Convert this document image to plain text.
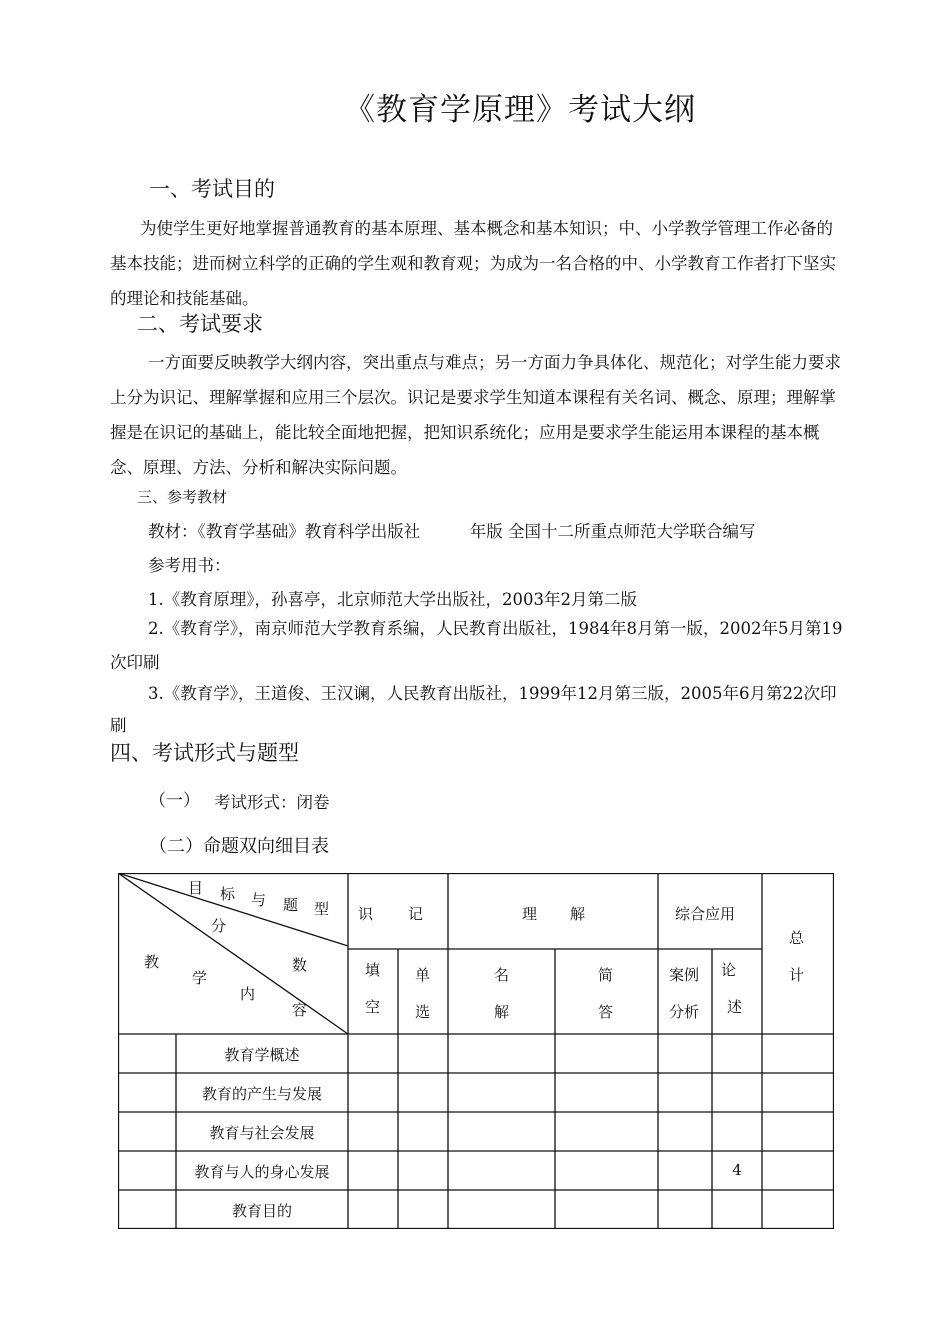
《教育学原理》考试大纲
一、考试目的
为使学生更好地掌握普通教育的基本原理、基本概念和基本知识；中、小学教学管理工作必备的基本技能；进而树立科学的正确的学生观和教育观；为成为一名合格的中、小学教育工作者打下坚实的理论和技能基础。
二、考试要求
一方面要反映教学大纲内容，突出重点与难点；另一方面力争具体化、规范化；对学生能力要求上分为识记、理解掌握和应用三个层次。识记是要求学生知道本课程有关名词、概念、原理；理解掌握是在识记的基础上，能比较全面地把握，把知识系统化；应用是要求学生能运用本课程的基本概念、原理、方法、分析和解决实际问题。
三、参考教材
教材：《教育学基础》教育科学出版社　　　年版 全国十二所重点师范大学联合编写
参考用书：
1.《教育原理》，孙喜亭，北京师范大学出版社，2003年2月第二版
2.《教育学》，南京师范大学教育系编，人民教育出版社，1984年8月第一版，2002年5月第19次印刷
3.《教育学》，王道俊、王汉谰，人民教育出版社，1999年12月第三版，2005年6月第22次印刷
四、考试形式与题型
（一） 考试形式：闭卷
（二）命题双向细目表
目 标 与 题 型
分
数
教
学
内
容
识 记	理 解	综合应用
总
计
填
空
单
选
名
解
简
答
案例
分析
论
述
教育学概述
教育的产生与发展
教育与社会发展
教育与人的身心发展
教育目的
4
